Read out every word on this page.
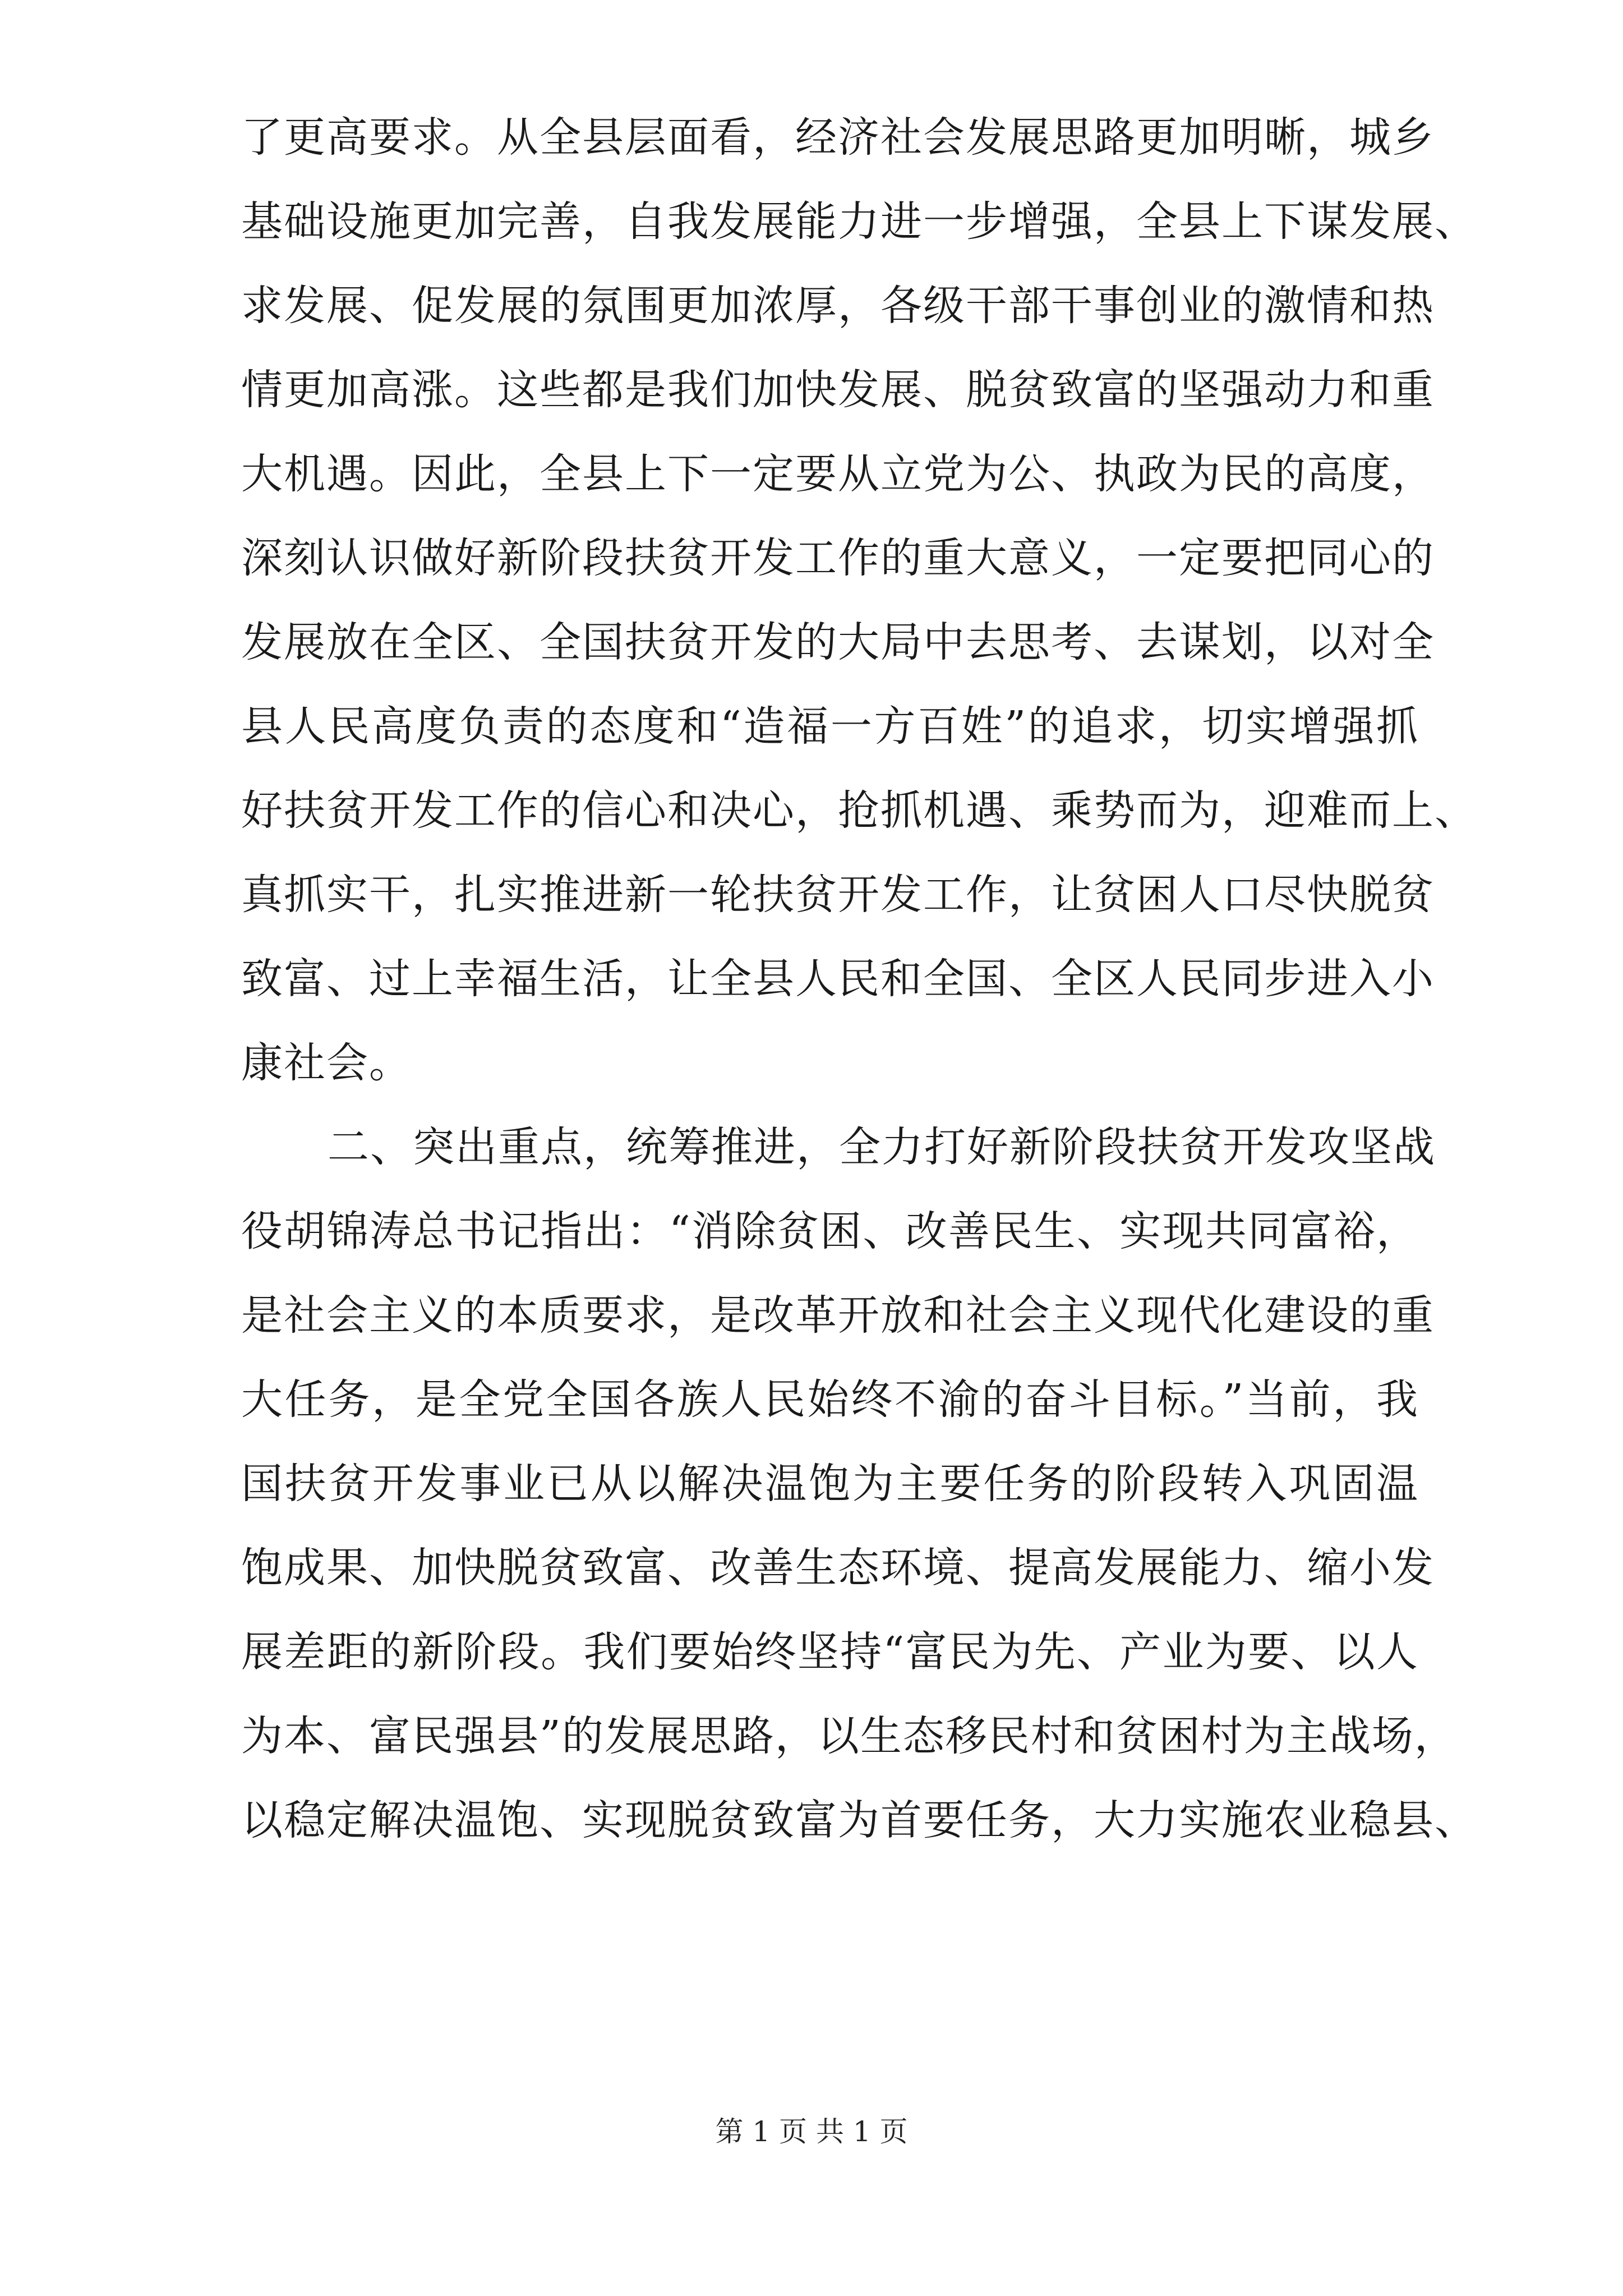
了更高要求。从全县层面看，经济社会发展思路更加明晰，城乡
基础设施更加完善，自我发展能力进一步增强，全县上下谋发展、
求发展、促发展的氛围更加浓厚，各级干部干事创业的激情和热
情更加高涨。这些都是我们加快发展、脱贫致富的坚强动力和重
大机遇。因此，全县上下一定要从立党为公、执政为民的高度，
深刻认识做好新阶段扶贫开发工作的重大意义，一定要把同心的
发展放在全区、全国扶贫开发的大局中去思考、去谋划，以对全
县人民高度负责的态度和“造福一方百姓”的追求，切实增强抓
好扶贫开发工作的信心和决心，抢抓机遇、乘势而为，迎难而上、
真抓实干，扎实推进新一轮扶贫开发工作，让贫困人口尽快脱贫
致富、过上幸福生活，让全县人民和全国、全区人民同步进入小
康社会。
二、突出重点，统筹推进，全力打好新阶段扶贫开发攻坚战
役胡锦涛总书记指出：“消除贫困、改善民生、实现共同富裕，
是社会主义的本质要求，是改革开放和社会主义现代化建设的重
大任务，是全党全国各族人民始终不渝的奋斗目标。”当前，我
国扶贫开发事业已从以解决温饱为主要任务的阶段转入巩固温
饱成果、加快脱贫致富、改善生态环境、提高发展能力、缩小发
展差距的新阶段。我们要始终坚持“富民为先、产业为要、以人
为本、富民强县”的发展思路，以生态移民村和贫困村为主战场，
以稳定解决温饱、实现脱贫致富为首要任务，大力实施农业稳县、
第 1 页 共 1 页
